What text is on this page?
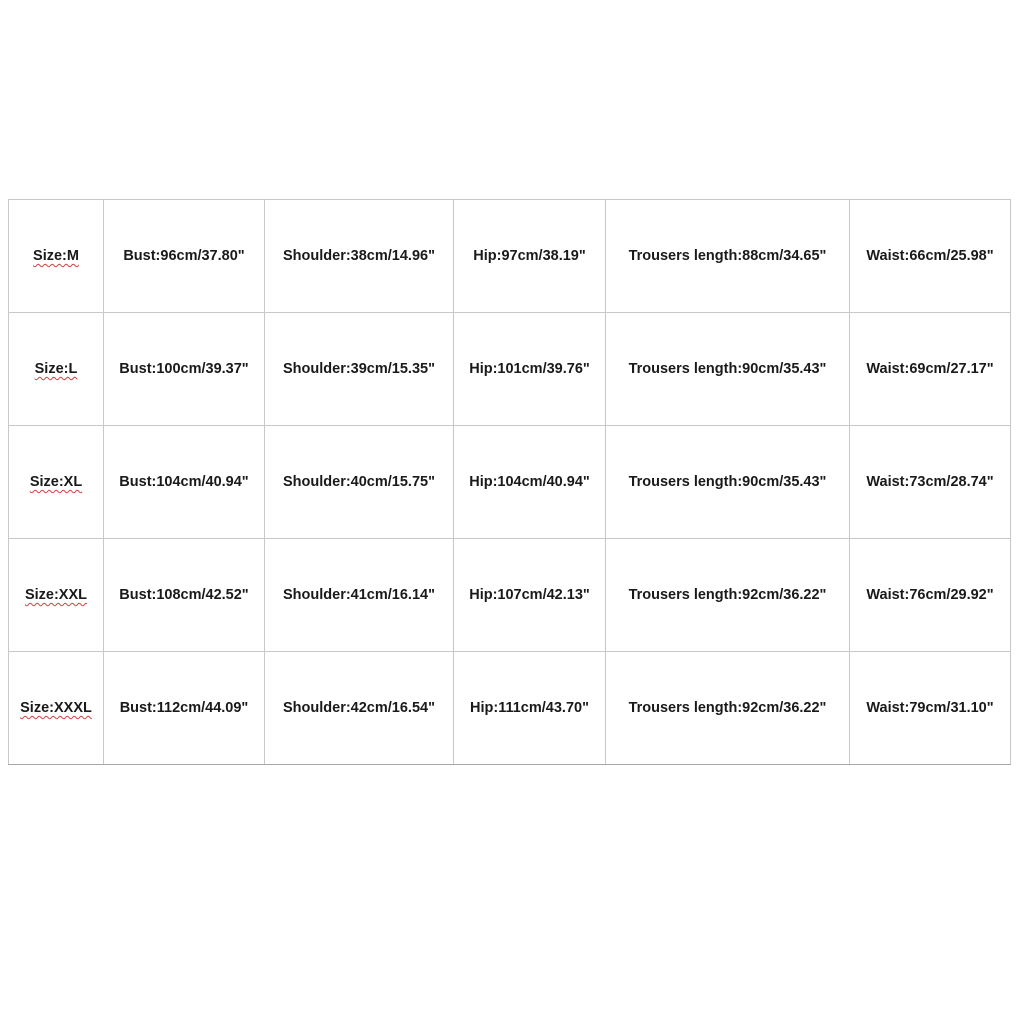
Size:M	Bust:96cm/37.80"	Shoulder:38cm/14.96"	Hip:97cm/38.19"	Trousers length:88cm/34.65"	Waist:66cm/25.98"
Size:L	Bust:100cm/39.37"	Shoulder:39cm/15.35"	Hip:101cm/39.76"	Trousers length:90cm/35.43"	Waist:69cm/27.17"
Size:XL	Bust:104cm/40.94"	Shoulder:40cm/15.75"	Hip:104cm/40.94"	Trousers length:90cm/35.43"	Waist:73cm/28.74"
Size:XXL	Bust:108cm/42.52"	Shoulder:41cm/16.14"	Hip:107cm/42.13"	Trousers length:92cm/36.22"	Waist:76cm/29.92"
Size:XXXL	Bust:112cm/44.09"	Shoulder:42cm/16.54"	Hip:111cm/43.70"	Trousers length:92cm/36.22"	Waist:79cm/31.10"
